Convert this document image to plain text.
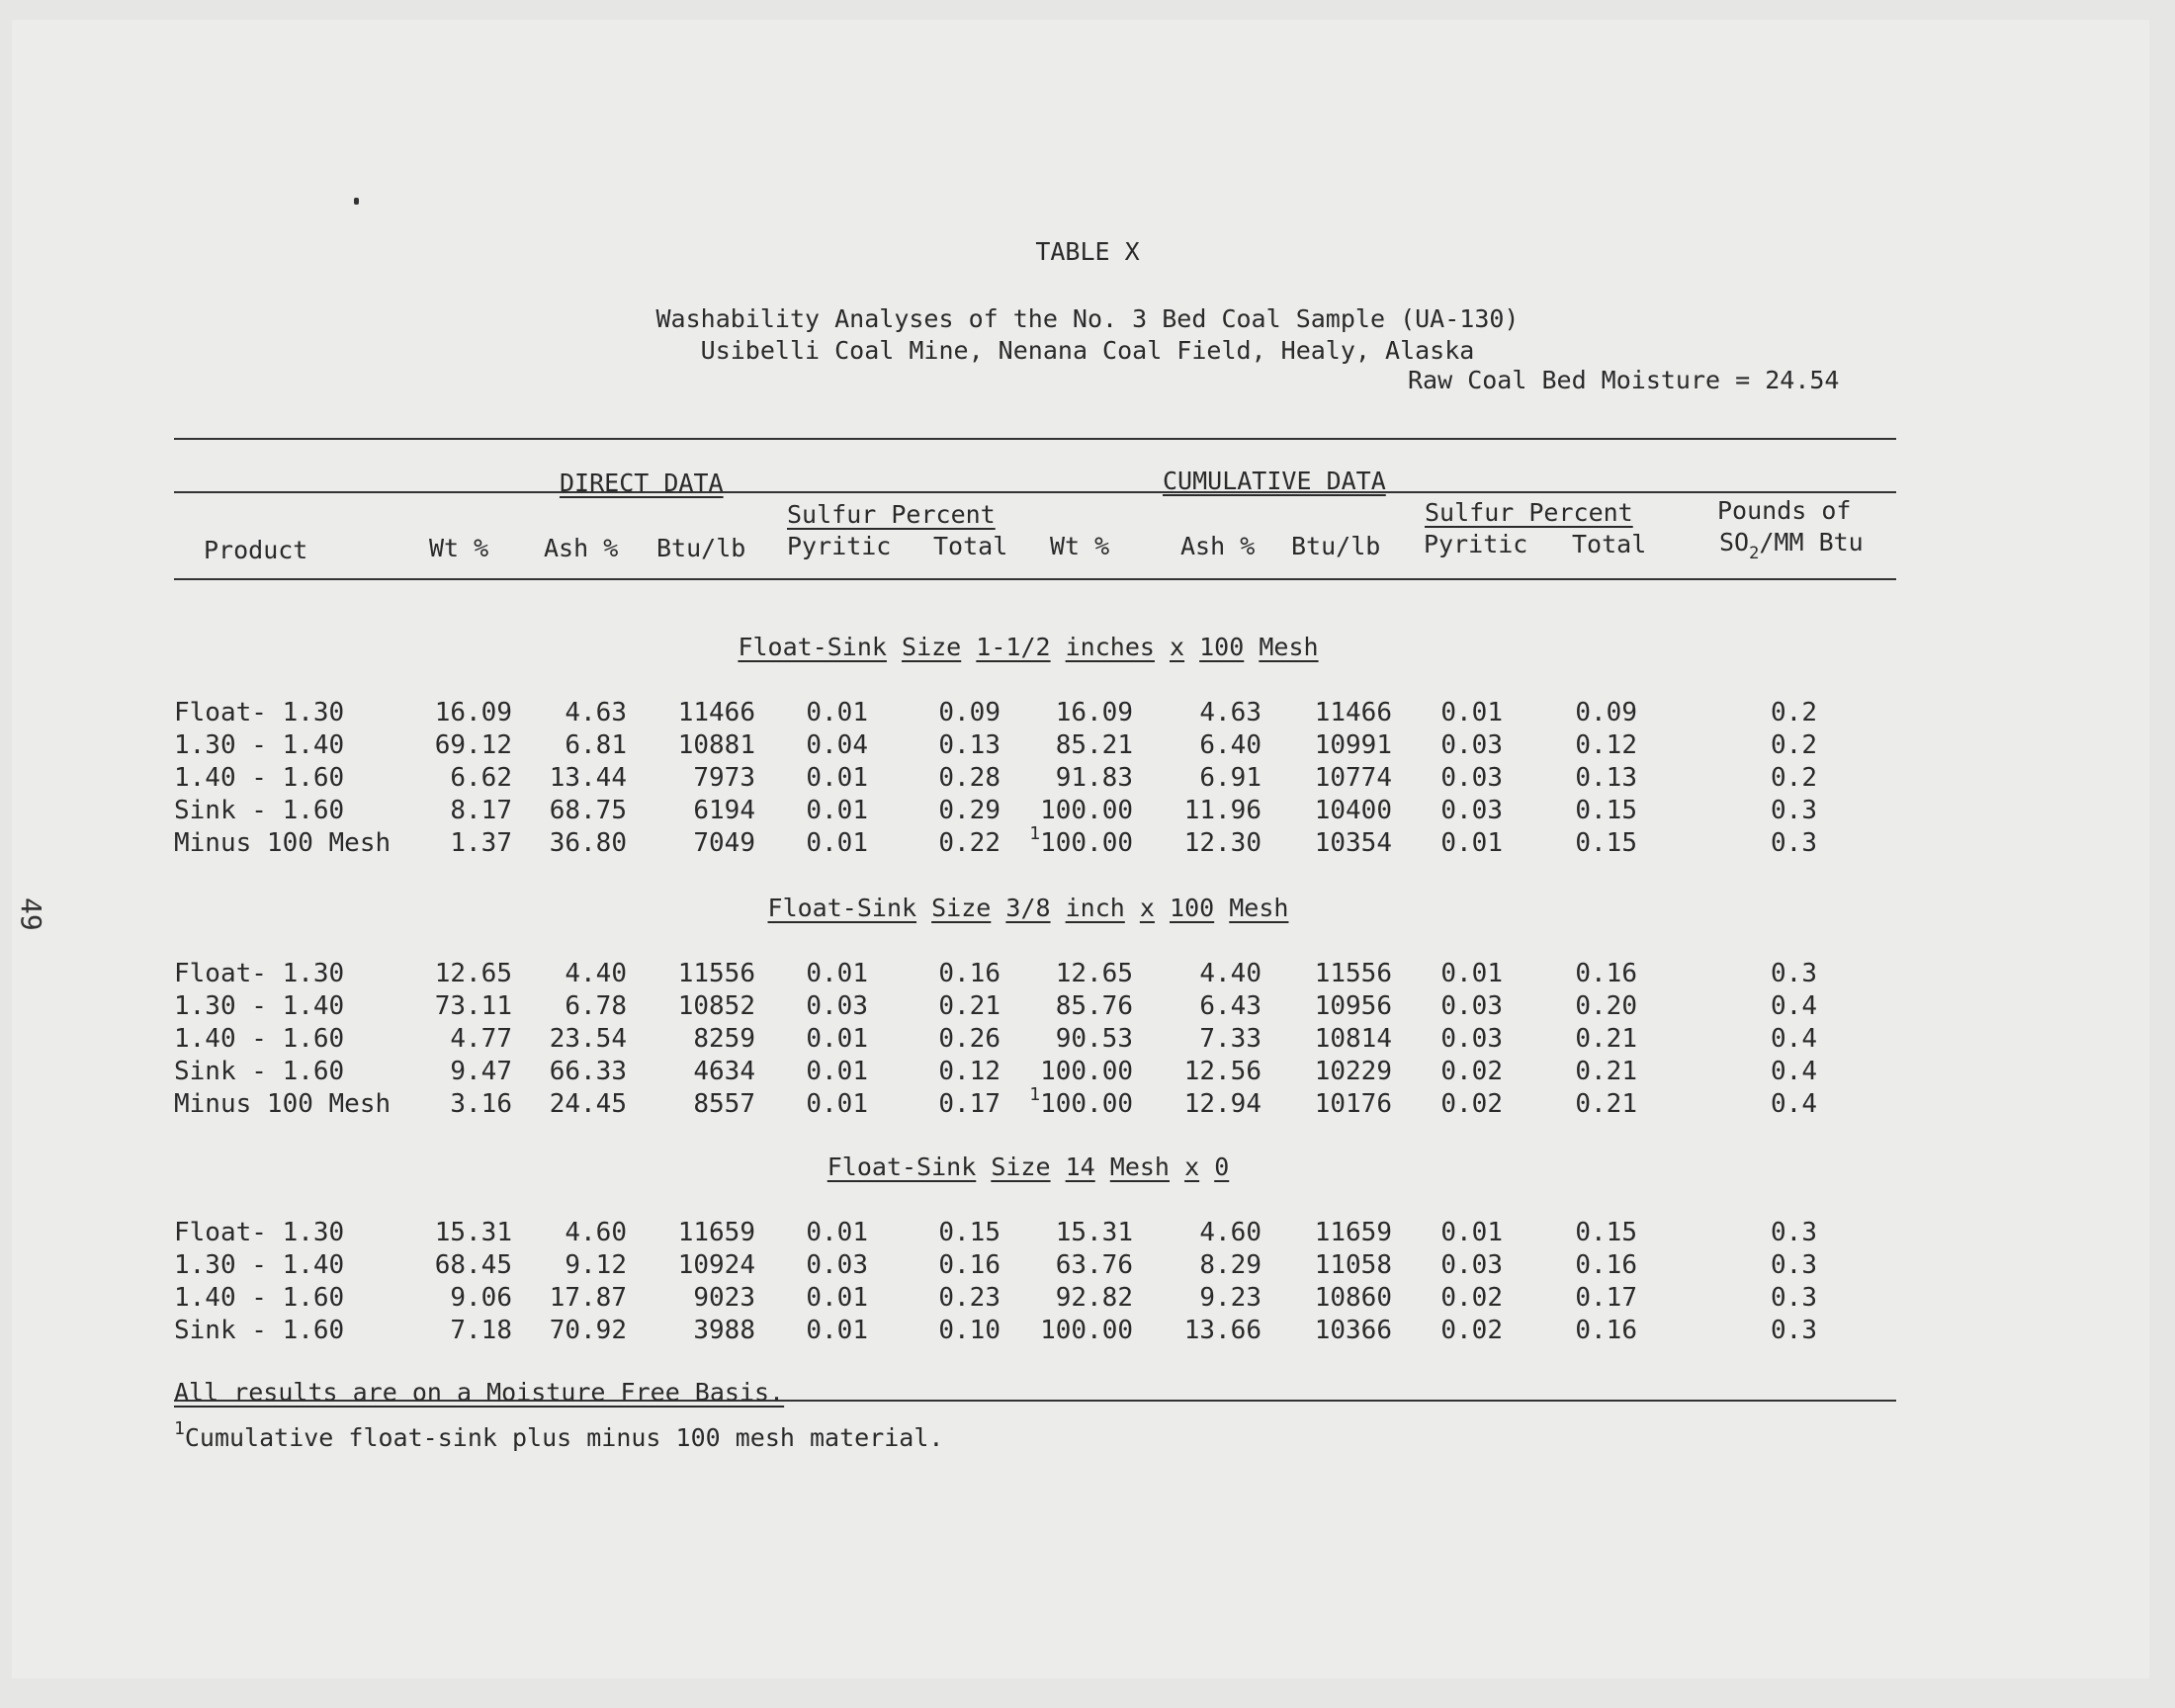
49
TABLE X
Washability Analyses of the No. 3 Bed Coal Sample (UA-130)
Usibelli Coal Mine, Nenana Coal Field, Healy, Alaska
Raw Coal Bed Moisture = 24.54
DIRECT DATA	CUMULATIVE DATA
Sulfur Percent	Sulfur Percent	Pounds of
Product	Wt % Ash % Btu/lb Pyritic Total Wt %	Ash % Btu/lb Pyritic Total	$SO_2/MM$ Btu
Float-Sink Size 1-1/2 inches x 100 Mesh
Float- 1.30	16.09 4.63 11466 0.01	0.09 16.09	4.63 11466 0.01	0.09	0.2
1.30 - 1.40	69.12 6.81 10881 0.04	0.13 85.21	6.40 10991 0.03	0.12	0.2
1.40 - 1.60	6.62 13.44	7973 0.01	0.28 91.83	6.91 10774 0.03	0.13	0.2
Sink - 1.60	8.17 68.75	6194 0.01	0.29 100.00 11.96 10400 0.03	0.15	0.3
Minus 100 Mesh 1.37 36.80	7049 0.01	0.22 $^1$100.00 12.30 10354 0.01	0.15	0.3
Float-Sink Size 3/8 inch x 100 Mesh
Float- 1.30	12.65 4.40 11556 0.01	0.16 12.65	4.40 11556 0.01	0.16	0.3
1.30 - 1.40	73.11 6.78 10852 0.03	0.21 85.76	6.43 10956 0.03	0.20	0.4
1.40 - 1.60	4.77 23.54	8259 0.01	0.26 90.53	7.33 10814 0.03	0.21	0.4
Sink - 1.60	9.47 66.33	4634 0.01	0.12 100.00 12.56 10229 0.02	0.21	0.4
Minus 100 Mesh 3.16 24.45	8557 0.01	0.17 $^1$100.00 12.94 10176 0.02	0.21	0.4
Float-Sink Size 14 Mesh x 0
Float- 1.30	15.31 4.60 11659 0.01	0.15 15.31	4.60 11659 0.01	0.15	0.3
1.30 - 1.40	68.45 9.12 10924 0.03	0.16 63.76	8.29 11058 0.03	0.16	0.3
1.40 - 1.60	9.06 17.87	9023 0.01	0.23 92.82	9.23 10860 0.02	0.17	0.3
Sink - 1.60	7.18 70.92	3988 0.01	0.10 100.00 13.66 10366 0.02	0.16	0.3
All results are on a Moisture Free Basis.
$^1$Cumulative float-sink plus minus 100 mesh material.
